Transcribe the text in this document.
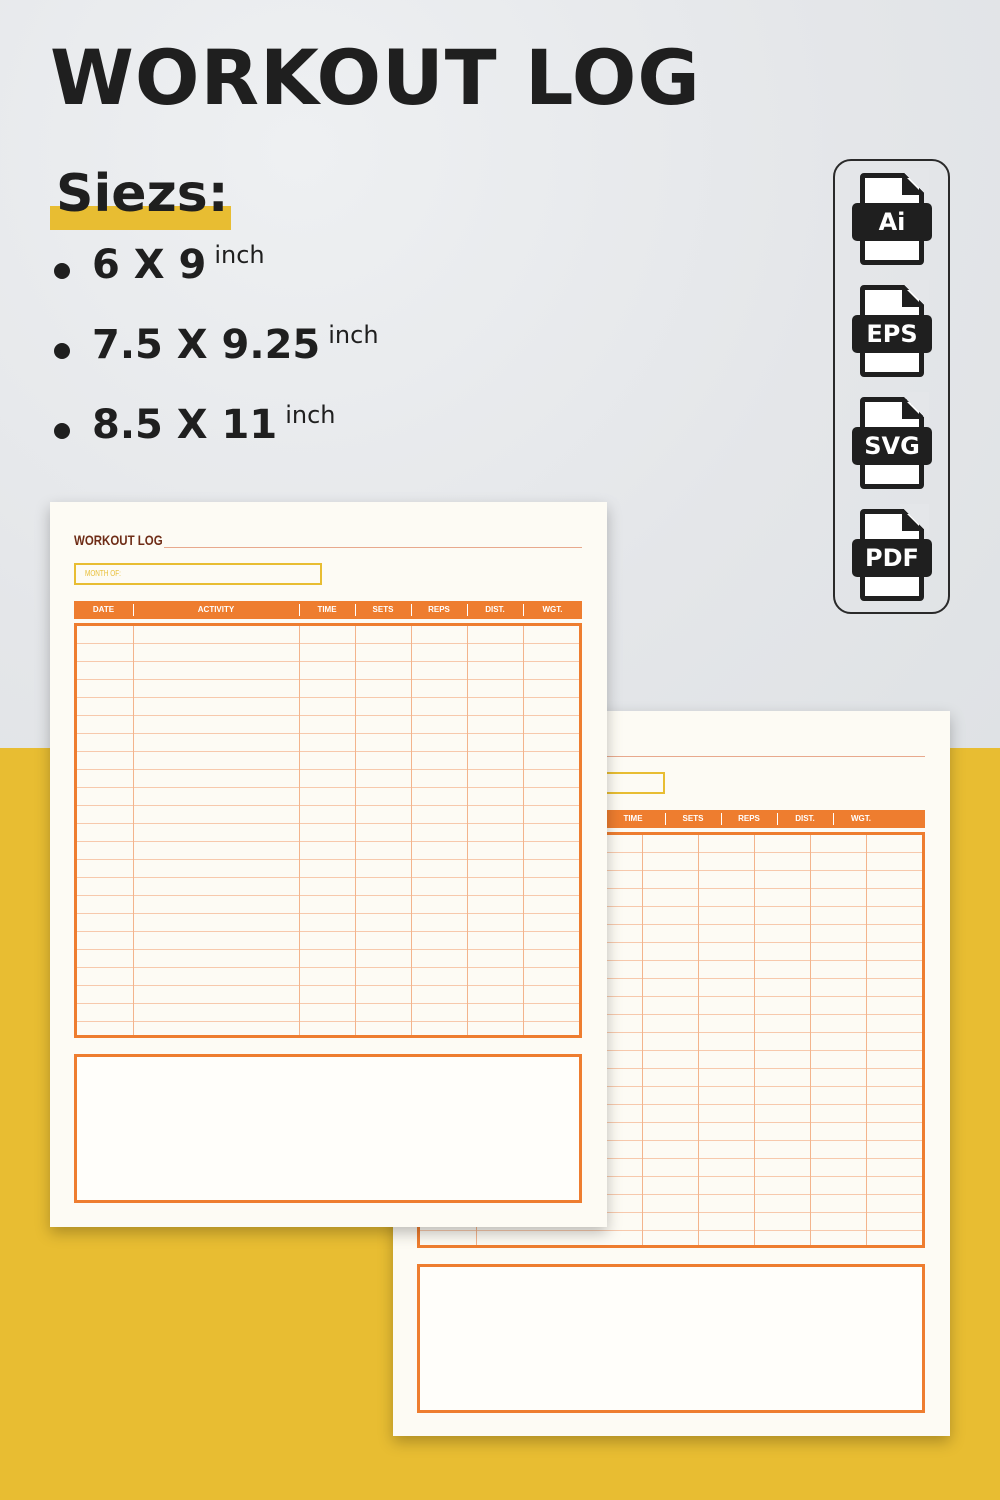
WORKOUT LOG
Siezs:
6 X 9 inch
7.5 X 9.25 inch
8.5 X 11 inch
Ai
EPS
SVG
PDF
TIME	SETS	REPS	DIST.	WGT.
WORKOUT LOG
MONTH OF:
DATE	ACTIVITY	TIME	SETS	REPS	DIST.	WGT.
